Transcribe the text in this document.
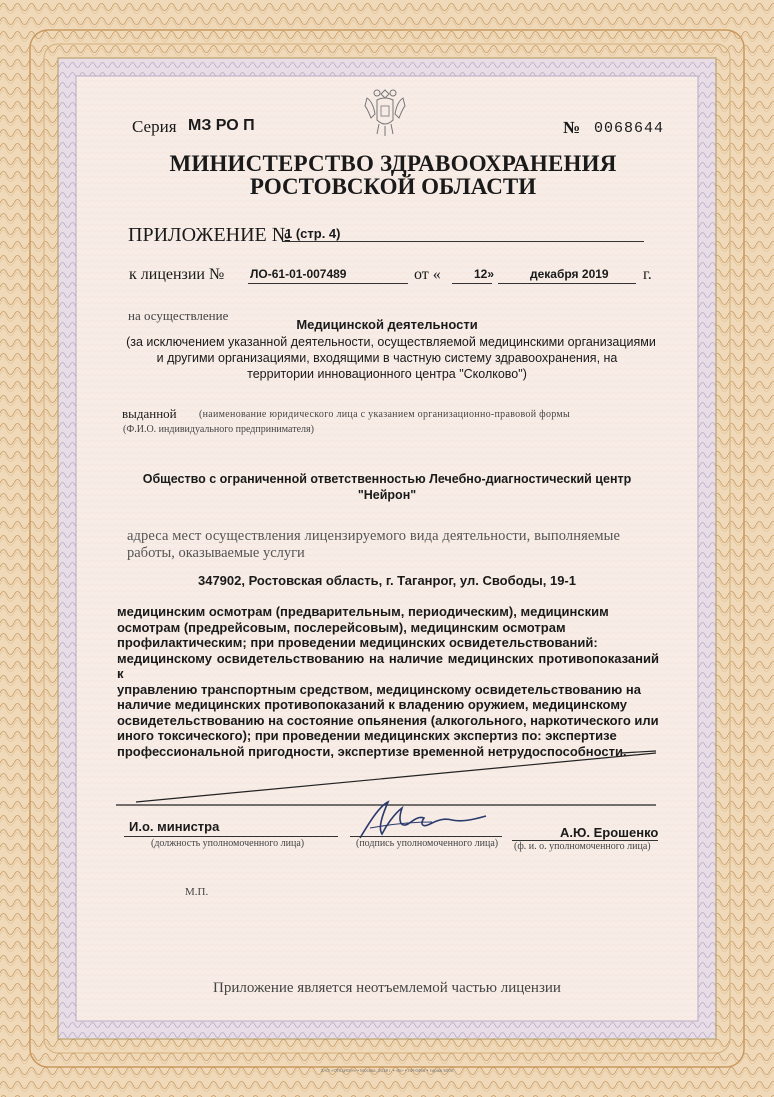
Серия МЗ РО П	№ 0068644
МИНИСТЕРСТВО ЗДРАВООХРАНЕНИЯ
РОСТОВСКОЙ ОБЛАСТИ
ПРИЛОЖЕНИЕ №
1 (стр. 4)
к лицензии № ЛО-61-01-007489	от «	12»	декабря 2019 г.
на осуществление
Медицинской деятельности
(за исключением указанной деятельности, осуществляемой медицинскими организациями
и другими организациями, входящими в частную систему здравоохранения, на
территории инновационного центра "Сколково")
выданной (наименование юридического лица с указанием организационно-правовой формы
(Ф.И.О. индивидуального предпринимателя)
Общество с ограниченной ответственностью Лечебно-диагностический центр
"Нейрон"
адреса мест осуществления лицензируемого вида деятельности, выполняемые
работы, оказываемые услуги
347902, Ростовская область, г. Таганрог, ул. Свободы, 19-1
медицинским осмотрам (предварительным, периодическим), медицинским
осмотрам (предрейсовым, послерейсовым), медицинским осмотрам
профилактическим; при проведении медицинских освидетельствований:
медицинскому освидетельствованию на наличие медицинских противопоказаний к
управлению транспортным средством, медицинскому освидетельствованию на
наличие медицинских противопоказаний к владению оружием, медицинскому
освидетельствованию на состояние опьянения (алкогольного, наркотического или
иного токсического); при проведении медицинских экспертиз по: экспертизе
профессиональной пригодности, экспертизе временной нетрудоспособности.
И.о. министра
(должность уполномоченного лица)	(подпись уполномоченного лица)
А.Ю. Ерошенко
(ф. и. о. уполномоченного лица)
М.П.
Приложение является неотъемлемой частью лицензии
ЗАО «ОПЦИОН» • Москва, 2019 г. • «Б» • ЛИ-0468 • тираж 5000
